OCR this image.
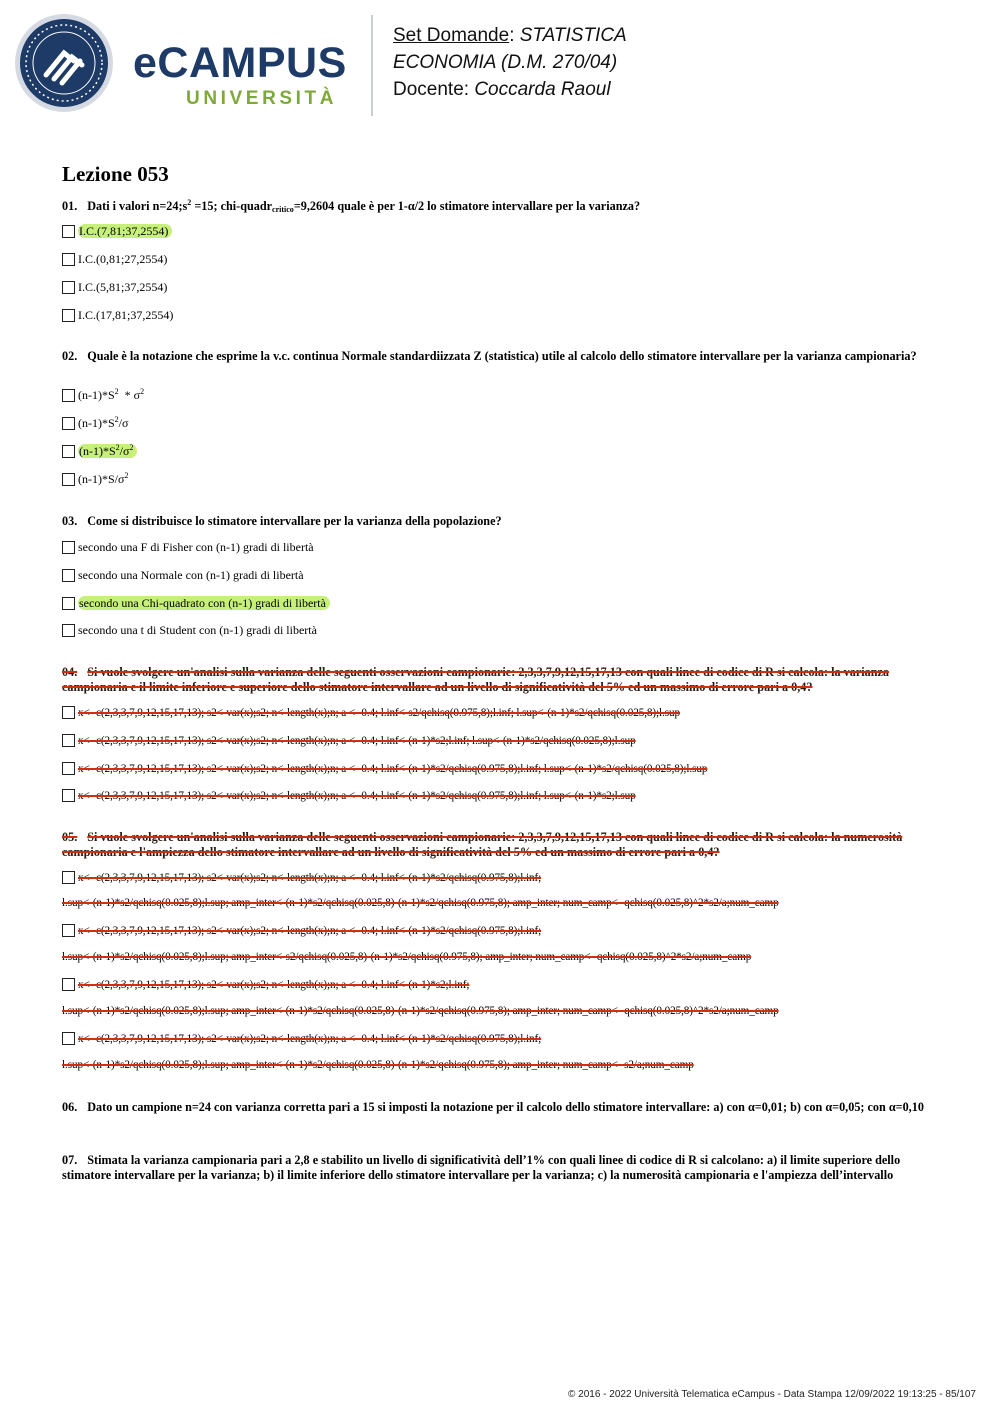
eCAMPUS
UNIVERSITÀ
Set Domande: STATISTICA
ECONOMIA (D.M. 270/04)
Docente: Coccarda Raoul
Lezione 053
01. Dati i valori $n=24;s^2 =15$; chi-quadr$_{critico}$=9,2604 quale è per 1-α/2 lo stimatore intervallare per la varianza?
I.C.(7,81;37,2554)
I.C.(0,81;27,2554)
I.C.(5,81;37,2554)
I.C.(17,81;37,2554)
02. Quale è la notazione che esprime la v.c. continua Normale standardiizzata Z (statistica) utile al calcolo dello stimatore intervallare per la varianza campionaria?
$(n-1)*S^2 * \sigma^2$
$(n-1)*S^2/\sigma$
$(n-1)*S^2/\sigma^2$
$(n-1)*S/\sigma^2$
03. Come si distribuisce lo stimatore intervallare per la varianza della popolazione?
secondo una F di Fisher con (n-1) gradi di libertà
secondo una Normale con (n-1) gradi di libertà
secondo una Chi-quadrato con (n-1) gradi di libertà
secondo una t di Student con (n-1) gradi di libertà
04. Si vuole svolgere un'analisi sulla varianza delle seguenti osservazioni campionarie: 2,3,3,7,9,12,15,17,13 con quali linee di codice di R si calcola: la varianza campionaria e il limite inferiore e superiore dello stimatore intervallare ad un livello di significatività del 5% ed un massimo di errore pari a 0,4?
x<- c(2,3,3,7,9,12,15,17,13); s2<-var(x);s2; n<-length(x);n; a <- 0.4; l.inf<-s2/qchisq(0.975,8);l.inf; l.sup<-(n-1)*s2/qchisq(0.025,8);l.sup
x<- c(2,3,3,7,9,12,15,17,13); s2<-var(x);s2; n<-length(x);n; a <- 0.4; l.inf<-(n-1)*s2;l.inf; l.sup<-(n-1)*s2/qchisq(0.025,8);l.sup
x<- c(2,3,3,7,9,12,15,17,13); s2<-var(x);s2; n<-length(x);n; a <- 0.4; l.inf<-(n-1)*s2/qchisq(0.975,8);l.inf; l.sup<-(n-1)*s2/qchisq(0.025,8);l.sup
x<- c(2,3,3,7,9,12,15,17,13); s2<-var(x);s2; n<-length(x);n; a <- 0.4; l.inf<-(n-1)*s2/qchisq(0.975,8);l.inf; l.sup<-(n-1)*s2;l.sup
05. Si vuole svolgere un'analisi sulla varianza delle seguenti osservazioni campionarie: 2,3,3,7,9,12,15,17,13 con quali linee di codice di R si calcola: la numerosità campionaria e l'ampiezza dello stimatore intervallare ad un livello di significatività del 5% ed un massimo di errore pari a 0,4?
x<- c(2,3,3,7,9,12,15,17,13); s2<-var(x);s2; n<-length(x);n; a <- 0.4; l.inf<-(n-1)*s2/qchisq(0.975,8);l.inf;
l.sup<-(n-1)*s2/qchisq(0.025,8);l.sup; amp_inter<-(n-1)*s2/qchisq(0.025,8)-(n-1)*s2/qchisq(0.975,8); amp_inter; num_camp<- qchisq(0.025,8)^2*s2/a;num_camp
x<- c(2,3,3,7,9,12,15,17,13); s2<-var(x);s2; n<-length(x);n; a <- 0.4; l.inf<-(n-1)*s2/qchisq(0.975,8);l.inf;
l.sup<-(n-1)*s2/qchisq(0.025,8);l.sup; amp_inter<-s2/qchisq(0.025,8)-(n-1)*s2/qchisq(0.975,8); amp_inter; num_camp<- qchisq(0.025,8)^2*s2/a;num_camp
x<- c(2,3,3,7,9,12,15,17,13); s2<-var(x);s2; n<-length(x);n; a <- 0.4; l.inf<-(n-1)*s2;l.inf;
l.sup<-(n-1)*s2/qchisq(0.025,8);l.sup; amp_inter<-(n-1)*s2/qchisq(0.025,8)-(n-1)*s2/qchisq(0.975,8); amp_inter; num_camp<- qchisq(0.025,8)^2*s2/a;num_camp
x<- c(2,3,3,7,9,12,15,17,13); s2<-var(x);s2; n<-length(x);n; a <- 0.4; l.inf<-(n-1)*s2/qchisq(0.975,8);l.inf;
l.sup<-(n-1)*s2/qchisq(0.025,8);l.sup; amp_inter<-(n-1)*s2/qchisq(0.025,8)-(n-1)*s2/qchisq(0.975,8); amp_inter; num_camp<- s2/a;num_camp
06. Dato un campione n=24 con varianza corretta pari a 15 si imposti la notazione per il calcolo dello stimatore intervallare: a) con α=0,01; b) con α=0,05; con α=0,10
07. Stimata la varianza campionaria pari a 2,8 e stabilito un livello di significatività dell’1% con quali linee di codice di R si calcolano: a) il limite superiore dello stimatore intervallare per la varianza; b) il limite inferiore dello stimatore intervallare per la varianza; c) la numerosità campionaria e l'ampiezza dell’intervallo
© 2016 - 2022 Università Telematica eCampus - Data Stampa 12/09/2022 19:13:25 - 85/107
